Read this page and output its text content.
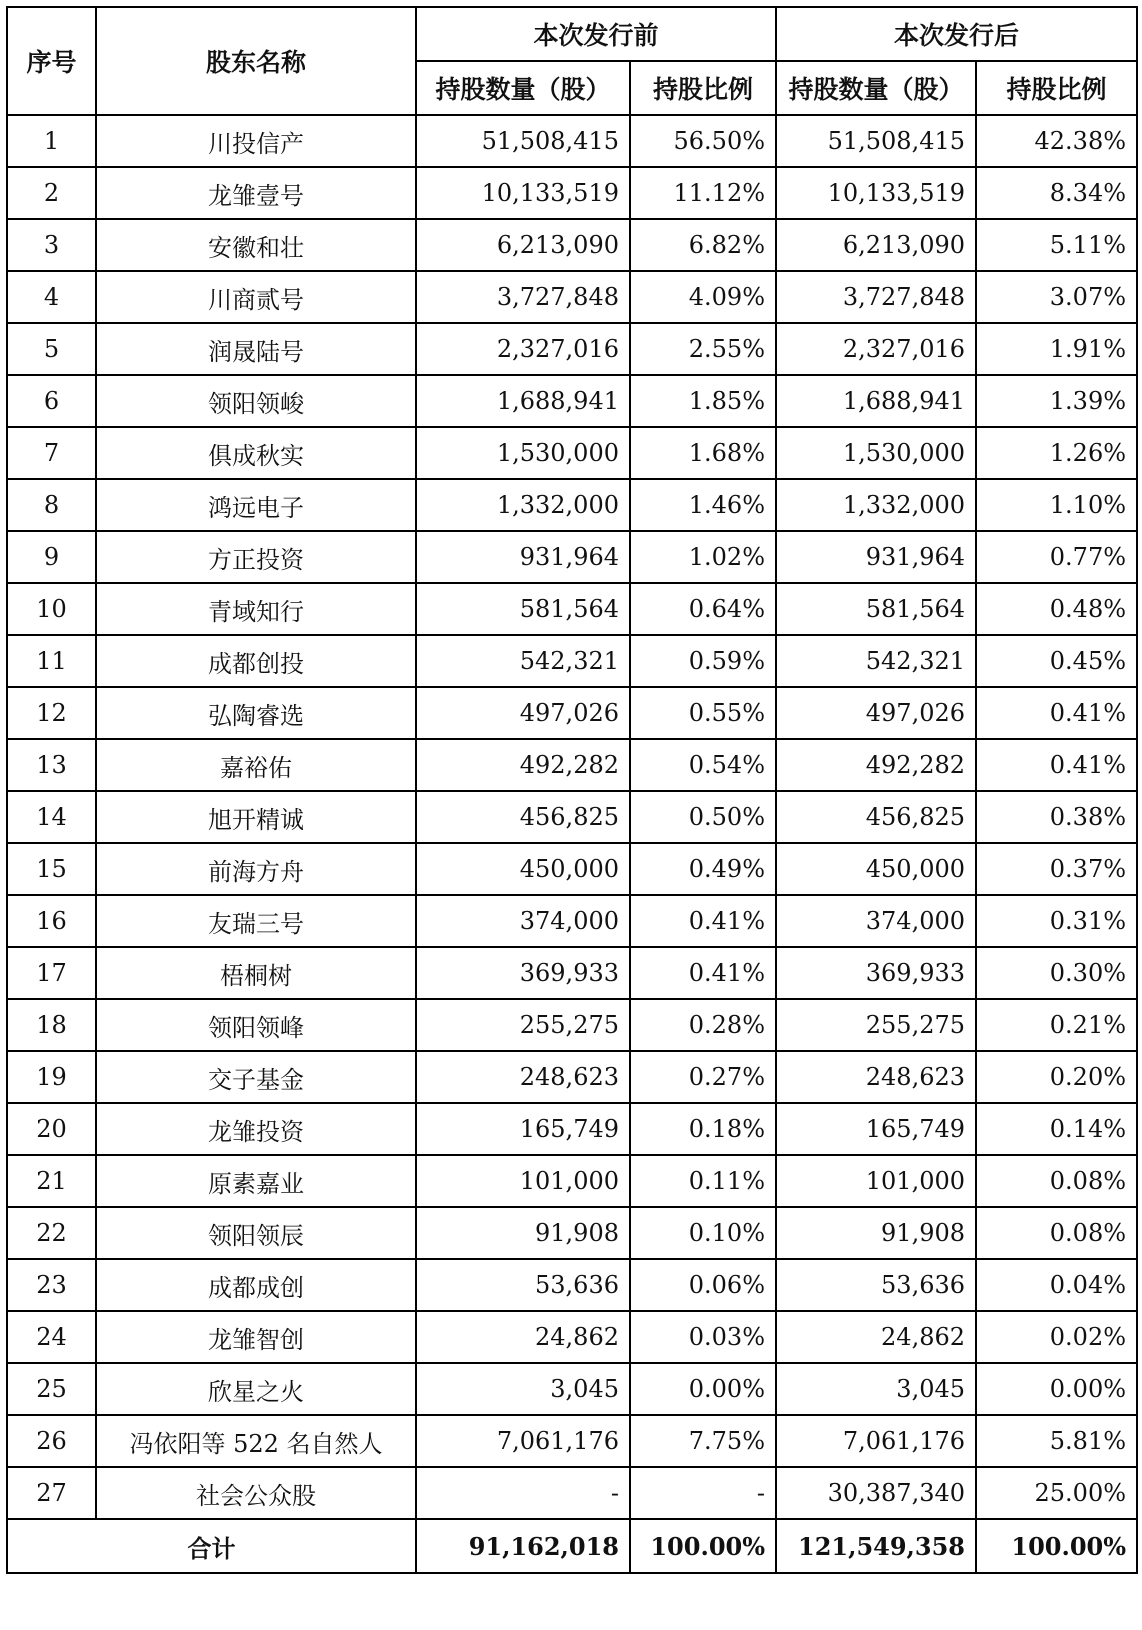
序号	股东名称	本次发行前		本次发行后	
		持股数量（股）	持股比例	持股数量（股）	持股比例
1	川投信产	51,508,415	56.50%	51,508,415	42.38%
2	龙雏壹号	10,133,519	11.12%	10,133,519	8.34%
3	安徽和壮	6,213,090	6.82%	6,213,090	5.11%
4	川商贰号	3,727,848	4.09%	3,727,848	3.07%
5	润晟陆号	2,327,016	2.55%	2,327,016	1.91%
6	领阳领峻	1,688,941	1.85%	1,688,941	1.39%
7	俱成秋实	1,530,000	1.68%	1,530,000	1.26%
8	鸿远电子	1,332,000	1.46%	1,332,000	1.10%
9	方正投资	931,964	1.02%	931,964	0.77%
10	青域知行	581,564	0.64%	581,564	0.48%
11	成都创投	542,321	0.59%	542,321	0.45%
12	弘陶睿选	497,026	0.55%	497,026	0.41%
13	嘉裕佑	492,282	0.54%	492,282	0.41%
14	旭开精诚	456,825	0.50%	456,825	0.38%
15	前海方舟	450,000	0.49%	450,000	0.37%
16	友瑞三号	374,000	0.41%	374,000	0.31%
17	梧桐树	369,933	0.41%	369,933	0.30%
18	领阳领峰	255,275	0.28%	255,275	0.21%
19	交子基金	248,623	0.27%	248,623	0.20%
20	龙雏投资	165,749	0.18%	165,749	0.14%
21	原素嘉业	101,000	0.11%	101,000	0.08%
22	领阳领辰	91,908	0.10%	91,908	0.08%
23	成都成创	53,636	0.06%	53,636	0.04%
24	龙雏智创	24,862	0.03%	24,862	0.02%
25	欣星之火	3,045	0.00%	3,045	0.00%
26	冯依阳等 522 名自然人	7,061,176	7.75%	7,061,176	5.81%
27	社会公众股	-	-	30,387,340	25.00%
合计		91,162,018	100.00%	121,549,358	100.00%
